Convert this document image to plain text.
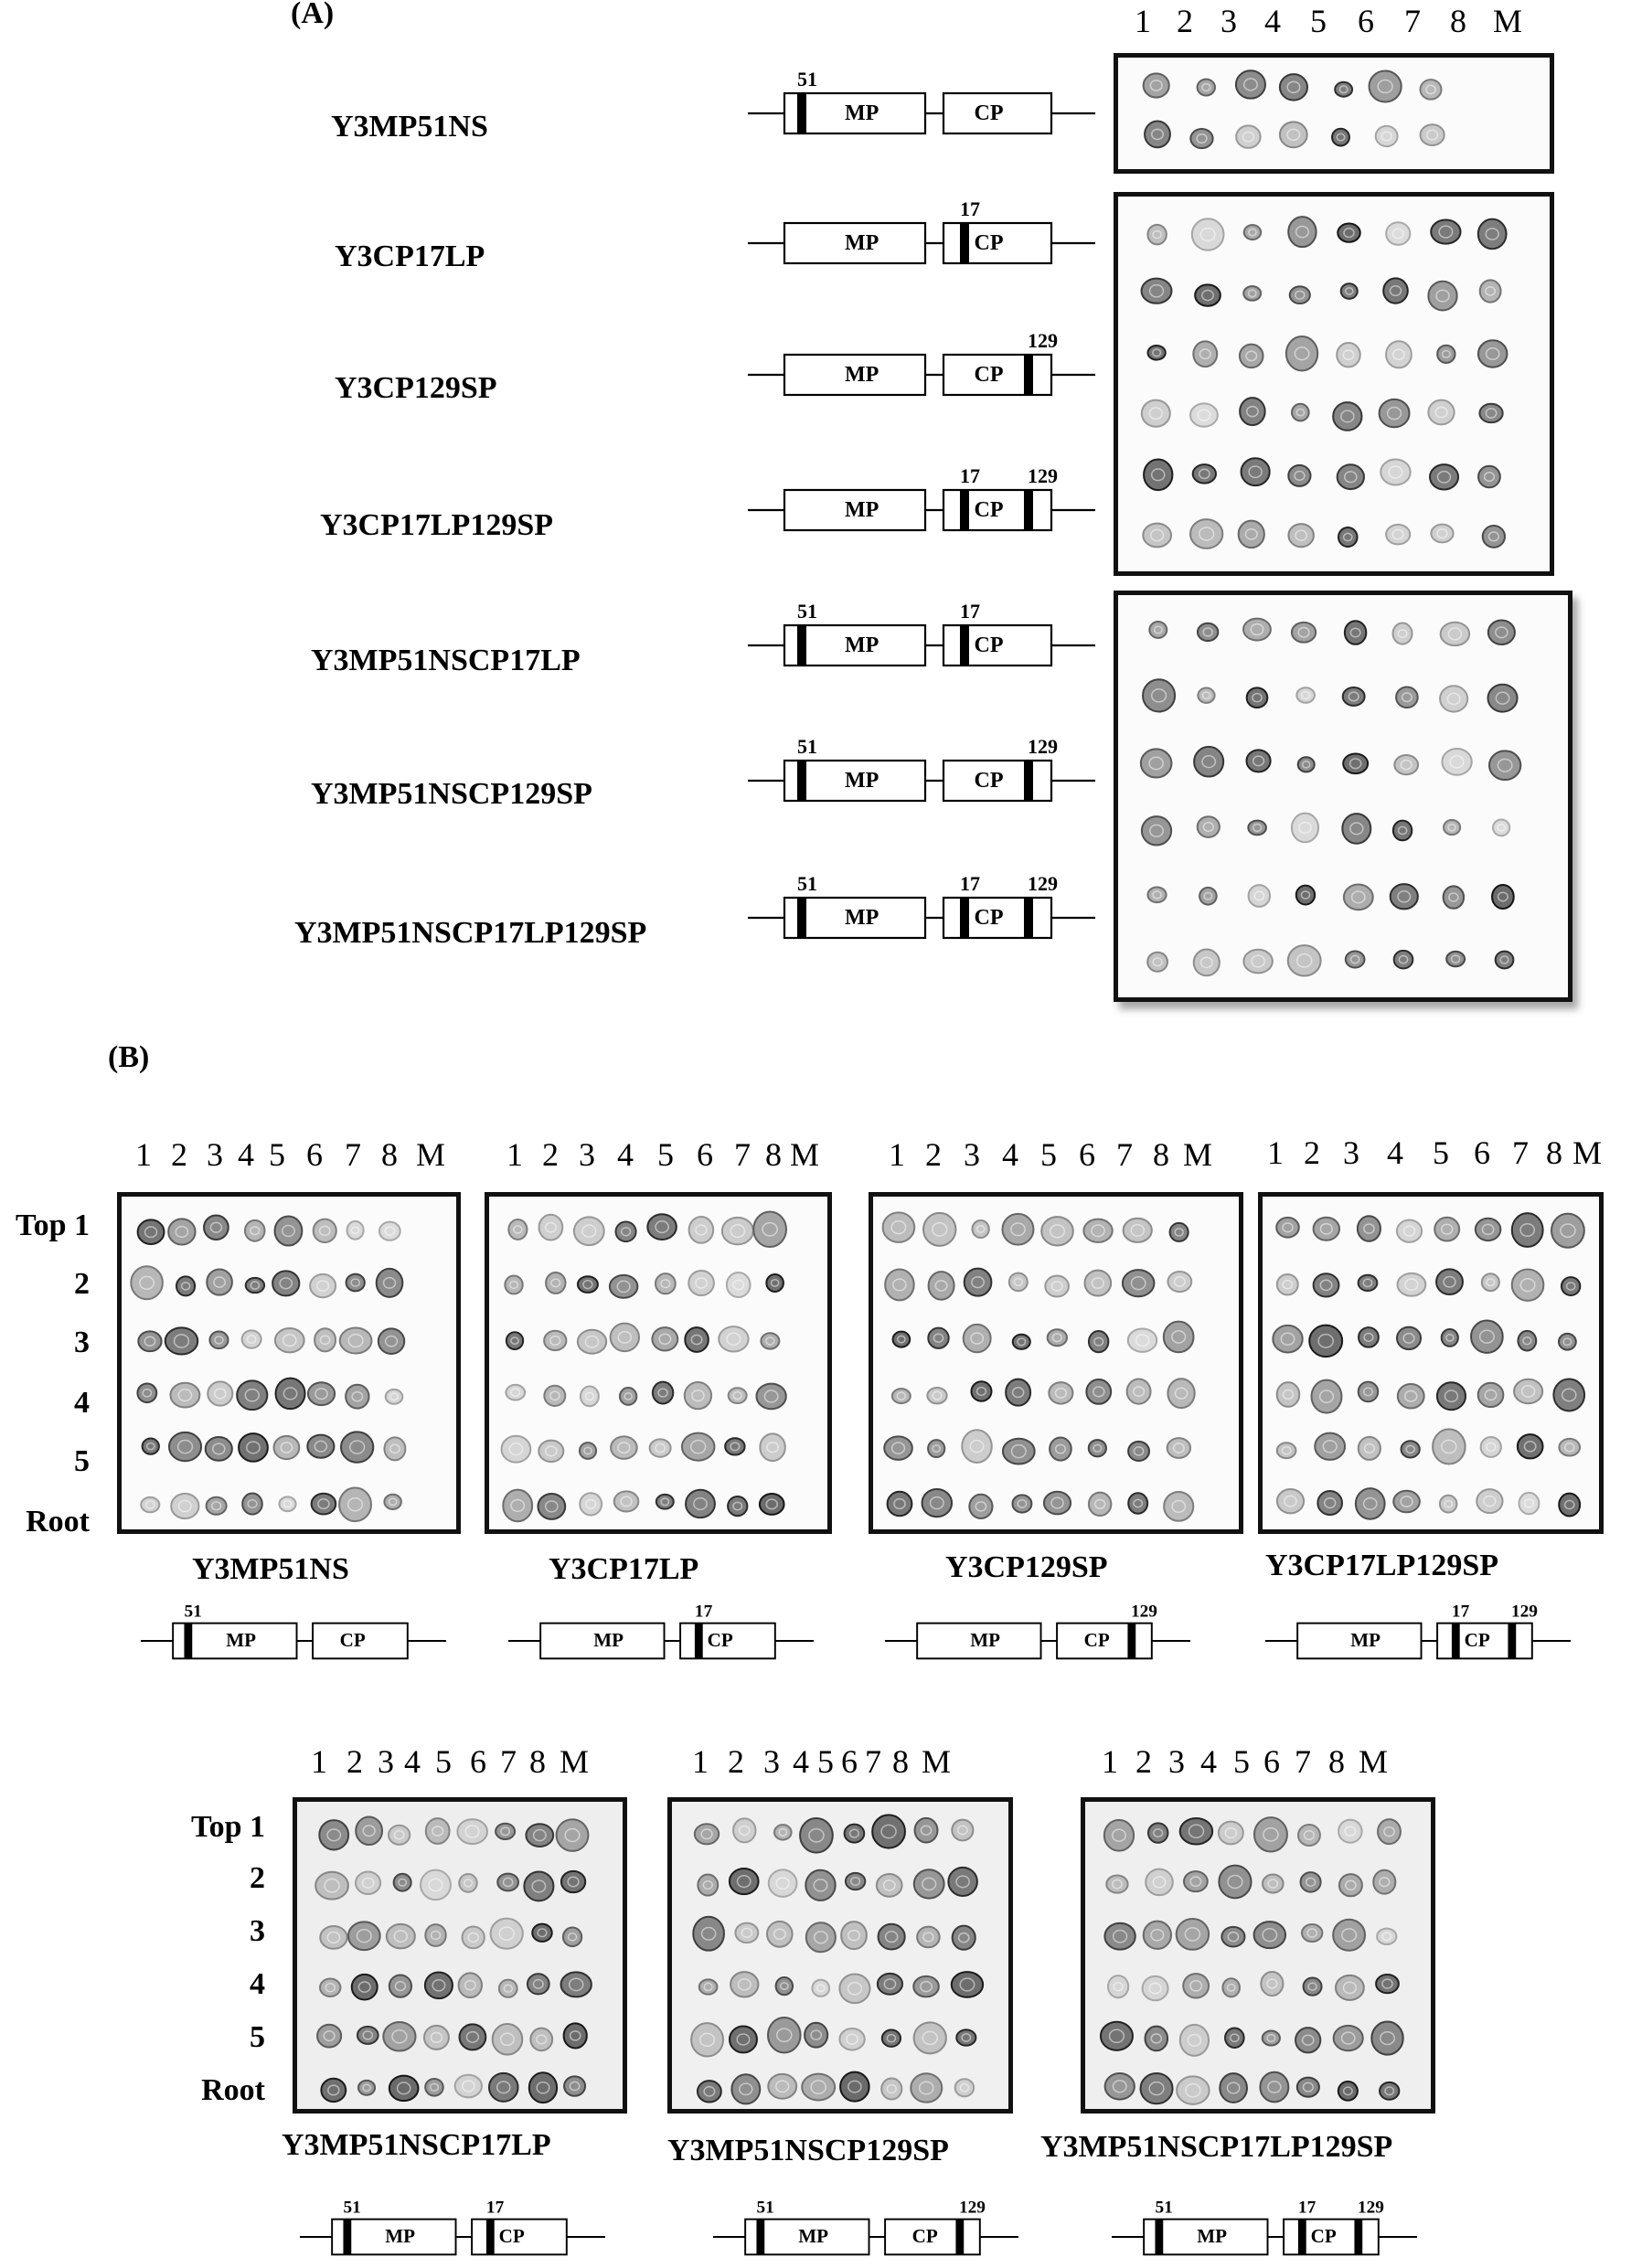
(A)	1 2 3 4 5 6 7 8 M
Y3MP51NS
Y3CP17LP
Y3CP129SP
Y3CP17LP129SP
Y3MP51NSCP17LP
Y3MP51NSCP129SP
Y3MP51NSCP17LP129SP
MP	CP
51
MP	CP
17
MP	CP
129
MP	CP
17 129
MP	CP
51	17
MP	CP
51	129
MP	CP
51	17 129
(B)
1 2 3 4 5 6 7 8 M 1 2 3 4 5 6 7 8 M 1 2 3 4 5 6 7 8 M 1 2 3 4 5 6 7 8 M
Top 1
2
3
4
5
Root
Y3MP51NS	Y3CP17LP	Y3CP129SP	Y3CP17LP129SP
1 2 3 4 5 6 7 8 M	1 2 3 4 5 6 7 8 M	1 2 3 4 5 6 7 8 M
Top 1
2
3
4
5
Root
Y3MP51NSCP17LP	Y3MP51NSCP129SP	Y3MP51NSCP17LP129SP
MP	CP
51
MP	CP
17
MP	CP
129
MP	CP
17 129
MP	CP
51	17
MP	CP
51	129
MP	CP
51	17 129
